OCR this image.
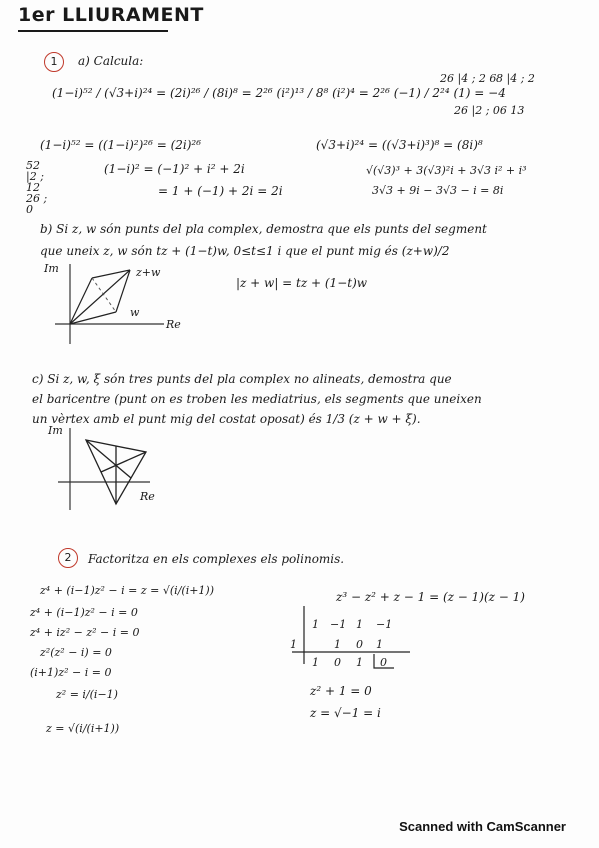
1er LLIURAMENT
1	a) Calcula:
(1−i)⁵² / (√3+i)²⁴ = (2i)²⁶ / (8i)⁸ = 2²⁶ (i²)¹³ / 8⁸ (i²)⁴ = 2²⁶ (−1) / 2²⁴ (1) = −4
26 |4 ; 2 6 8 |4 ; 2
26 |2 ; 06 13
(1−i)⁵² = ((1−i)²)²⁶ = (2i)²⁶
52 |2 ; 12 26 ; 0
(1−i)² = (−1)² + i² + 2i
= 1 + (−1) + 2i = 2i
(√3+i)²⁴ = ((√3+i)³)⁸ = (8i)⁸
√(√3)³ + 3(√3)²i + 3√3 i² + i³
3√3 + 9i − 3√3 − i = 8i
b) Si z, w són punts del pla complex, demostra que els punts del segment
que uneix z, w són tz + (1−t)w, 0≤t≤1 i que el punt mig és (z+w)/2
|z + w| = tz + (1−t)w
Im
Re
z+w
w
c) Si z, w, ξ són tres punts del pla complex no alineats, demostra que
el baricentre (punt on es troben les mediatrius, els segments que uneixen
un vèrtex amb el punt mig del costat oposat) és 1/3 (z + w + ξ).
Im
Re
2	Factoritza en els complexes els polinomis.
z⁴ + (i−1)z² − i = z = √(i/(i+1))
z⁴ + (i−1)z² − i = 0
z⁴ + iz² − z² − i = 0
z²(z² − i) = 0
(i+1)z² − i = 0
z² = i/(i−1)
z = √(i/(i+1))
z³ − z² + z − 1 = (z − 1)(z − 1)
1 −1 1 −1
1	1 0 1
1 0 1 0
z² + 1 = 0
z = √−1 = i
Scanned with CamScanner
